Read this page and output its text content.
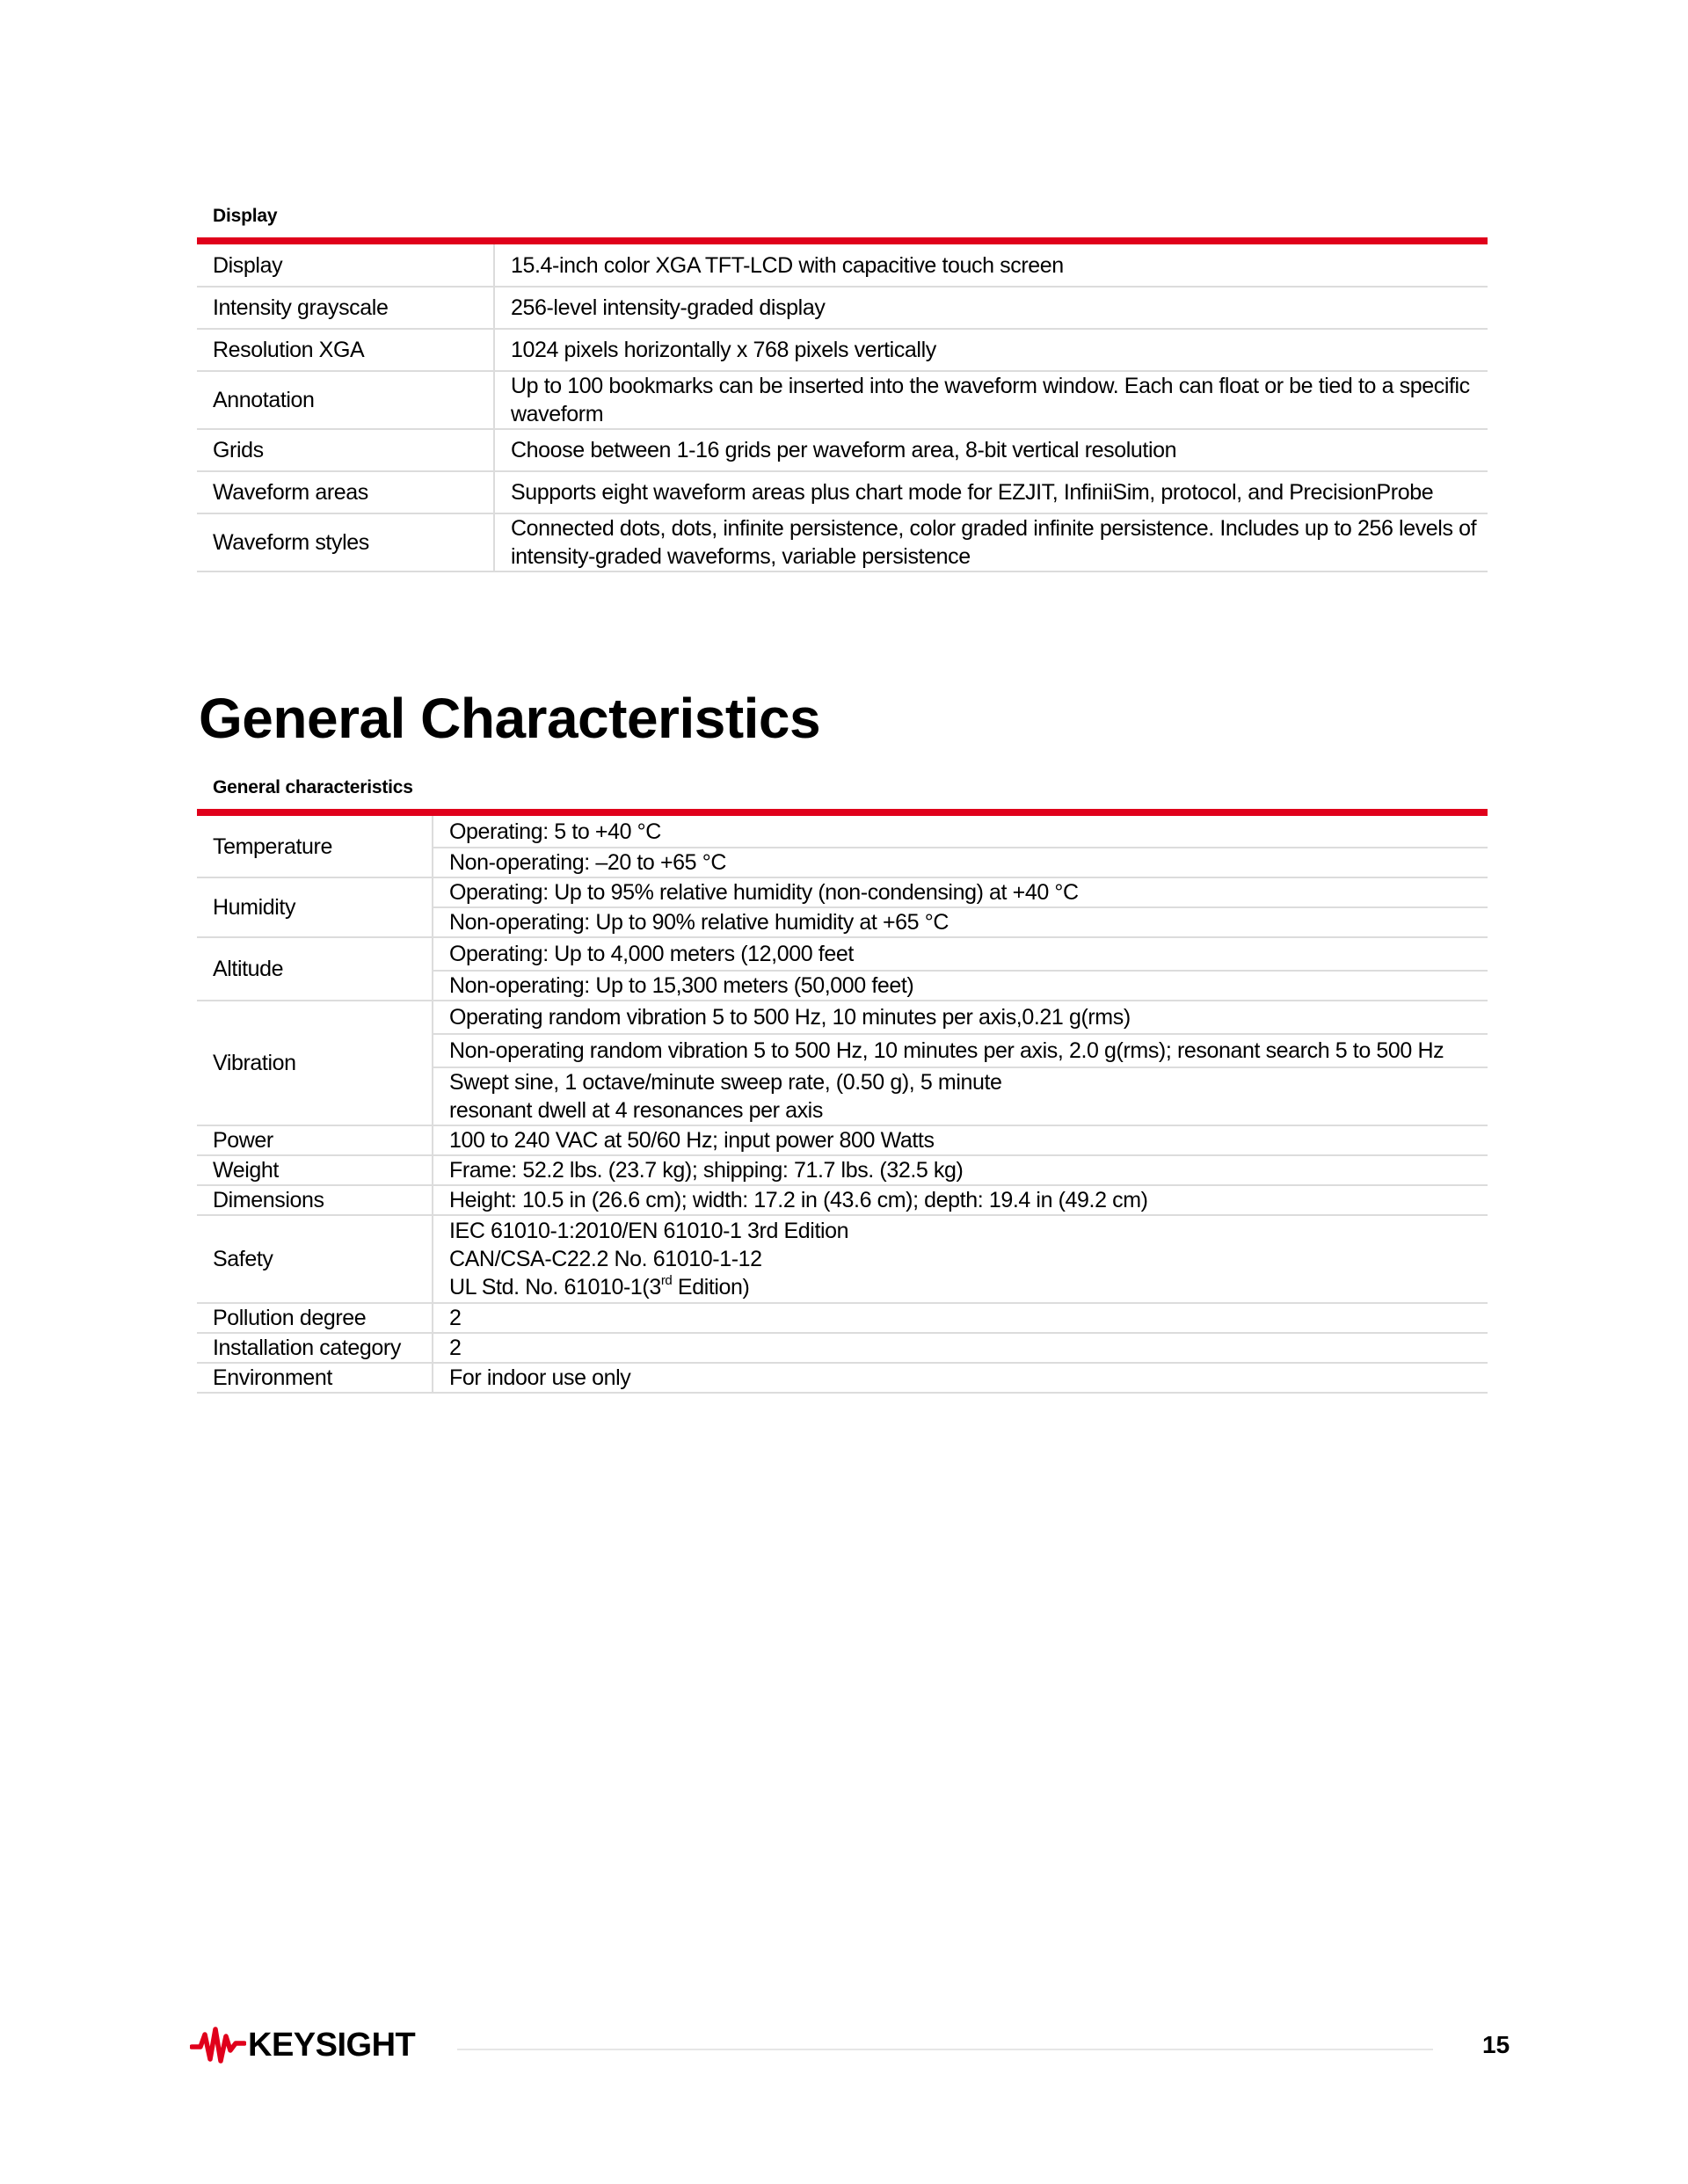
Display
Display	15.4-inch color XGA TFT-LCD with capacitive touch screen
Intensity grayscale	256-level intensity-graded display
Resolution XGA	1024 pixels horizontally x 768 pixels vertically
Annotation	Up to 100 bookmarks can be inserted into the waveform window. Each can float or be tied to a specific waveform
Grids	Choose between 1-16 grids per waveform area, 8-bit vertical resolution
Waveform areas	Supports eight waveform areas plus chart mode for EZJIT, InfiniiSim, protocol, and PrecisionProbe
Waveform styles	Connected dots, dots, infinite persistence, color graded infinite persistence. Includes up to 256 levels of intensity-graded waveforms, variable persistence
General Characteristics
General characteristics
Temperature	Operating: 5 to +40 °C
	Non-operating: –20 to +65 °C
Humidity	Operating: Up to 95% relative humidity (non-condensing) at +40 °C
	Non-operating: Up to 90% relative humidity at +65 °C
Altitude	Operating: Up to 4,000 meters (12,000 feet
	Non-operating: Up to 15,300 meters (50,000 feet)
Vibration	Operating random vibration 5 to 500 Hz, 10 minutes per axis,0.21 g(rms)
	Non-operating random vibration 5 to 500 Hz, 10 minutes per axis, 2.0 g(rms); resonant search 5 to 500 Hz

	Swept sine, 1 octave/minute sweep rate, (0.50 g), 5 minute
resonant dwell at 4 resonances per axis

Power	100 to 240 VAC at 50/60 Hz; input power 800 Watts
Weight	Frame: 52.2 lbs. (23.7 kg); shipping: 71.7 lbs. (32.5 kg)
Dimensions	Height: 10.5 in (26.6 cm); width: 17.2 in (43.6 cm); depth: 19.4 in (49.2 cm)
Safety	IEC 61010-1:2010/EN 61010-1 3rd Edition
CAN/CSA-C22.2 No. 61010-1-12
UL Std. No. 61010-1(3rd Edition)

Pollution degree	2
Installation category	2
Environment	For indoor use only
KEYSIGHT	15
